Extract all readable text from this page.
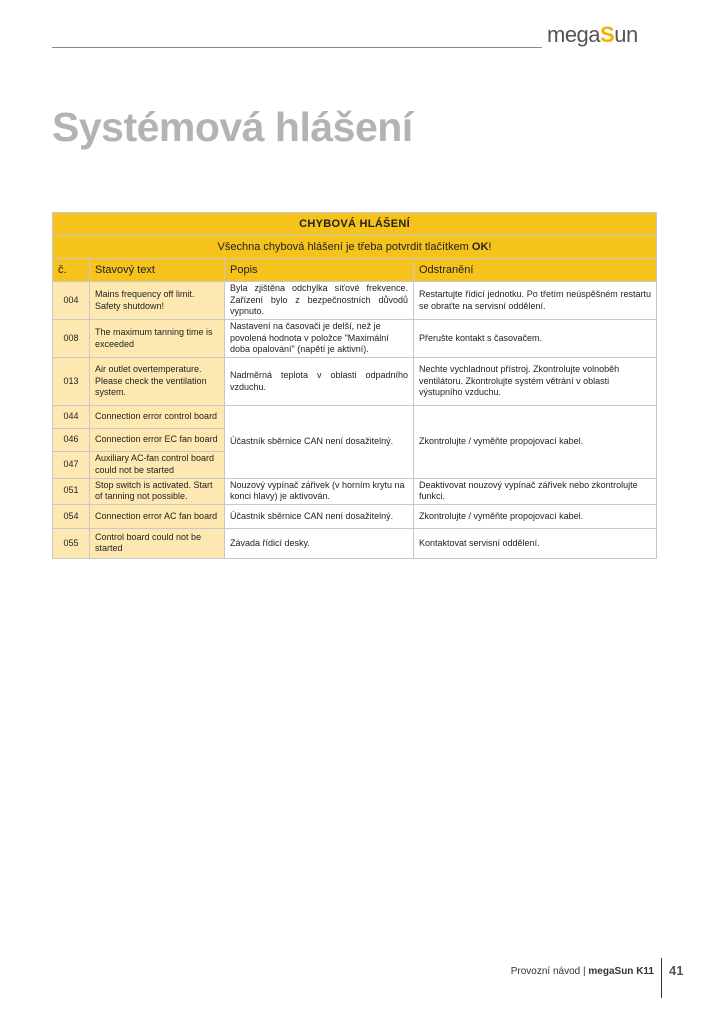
megaSun
Systémová hlášení
CHYBOVÁ HLÁŠENÍ			
Všechna chybová hlášení je třeba potvrdit tlačítkem OK!			
č.	Stavový text	Popis	Odstranění
004	Mains frequency off limit. Safety shutdown!	Byla zjištěna odchylka síťové frekvence. Zařízení bylo z bezpečnostních důvodů vypnuto.	Restartujte řídicí jednotku. Po třetím neúspěšném restartu se obraťte na servisní oddělení.
008	The maximum tanning time is exceeded	Nastavení na časovači je delší, než je povolená hodnota v položce "Maximální doba opalování" (napětí je aktivní).	Přerušte kontakt s časovačem.
013	Air outlet overtemperature. Please check the ventilation system.	Nadměrná teplota v oblasti odpadního vzduchu.	Nechte vychladnout přístroj. Zkontrolujte volnoběh ventilátoru. Zkontrolujte systém větrání v oblasti výstupního vzduchu.
044	Connection error control board	Účastník sběrnice CAN není dosažitelný.	Zkontrolujte / vyměňte propojovací kabel.
046	Connection error EC fan board		
047	Auxiliary AC-fan control board could not be started		
051	Stop switch is activated. Start of tanning not possible.	Nouzový vypínač zářivek (v horním krytu na konci hlavy) je aktivován.	Deaktivovat nouzový vypínač zářivek nebo zkontrolujte funkci.
054	Connection error AC fan board	Účastník sběrnice CAN není dosažitelný.	Zkontrolujte / vyměňte propojovací kabel.
055	Control board could not be started	Závada řídicí desky.	Kontaktovat servisní oddělení.
Provozní návod | megaSun K11 41
